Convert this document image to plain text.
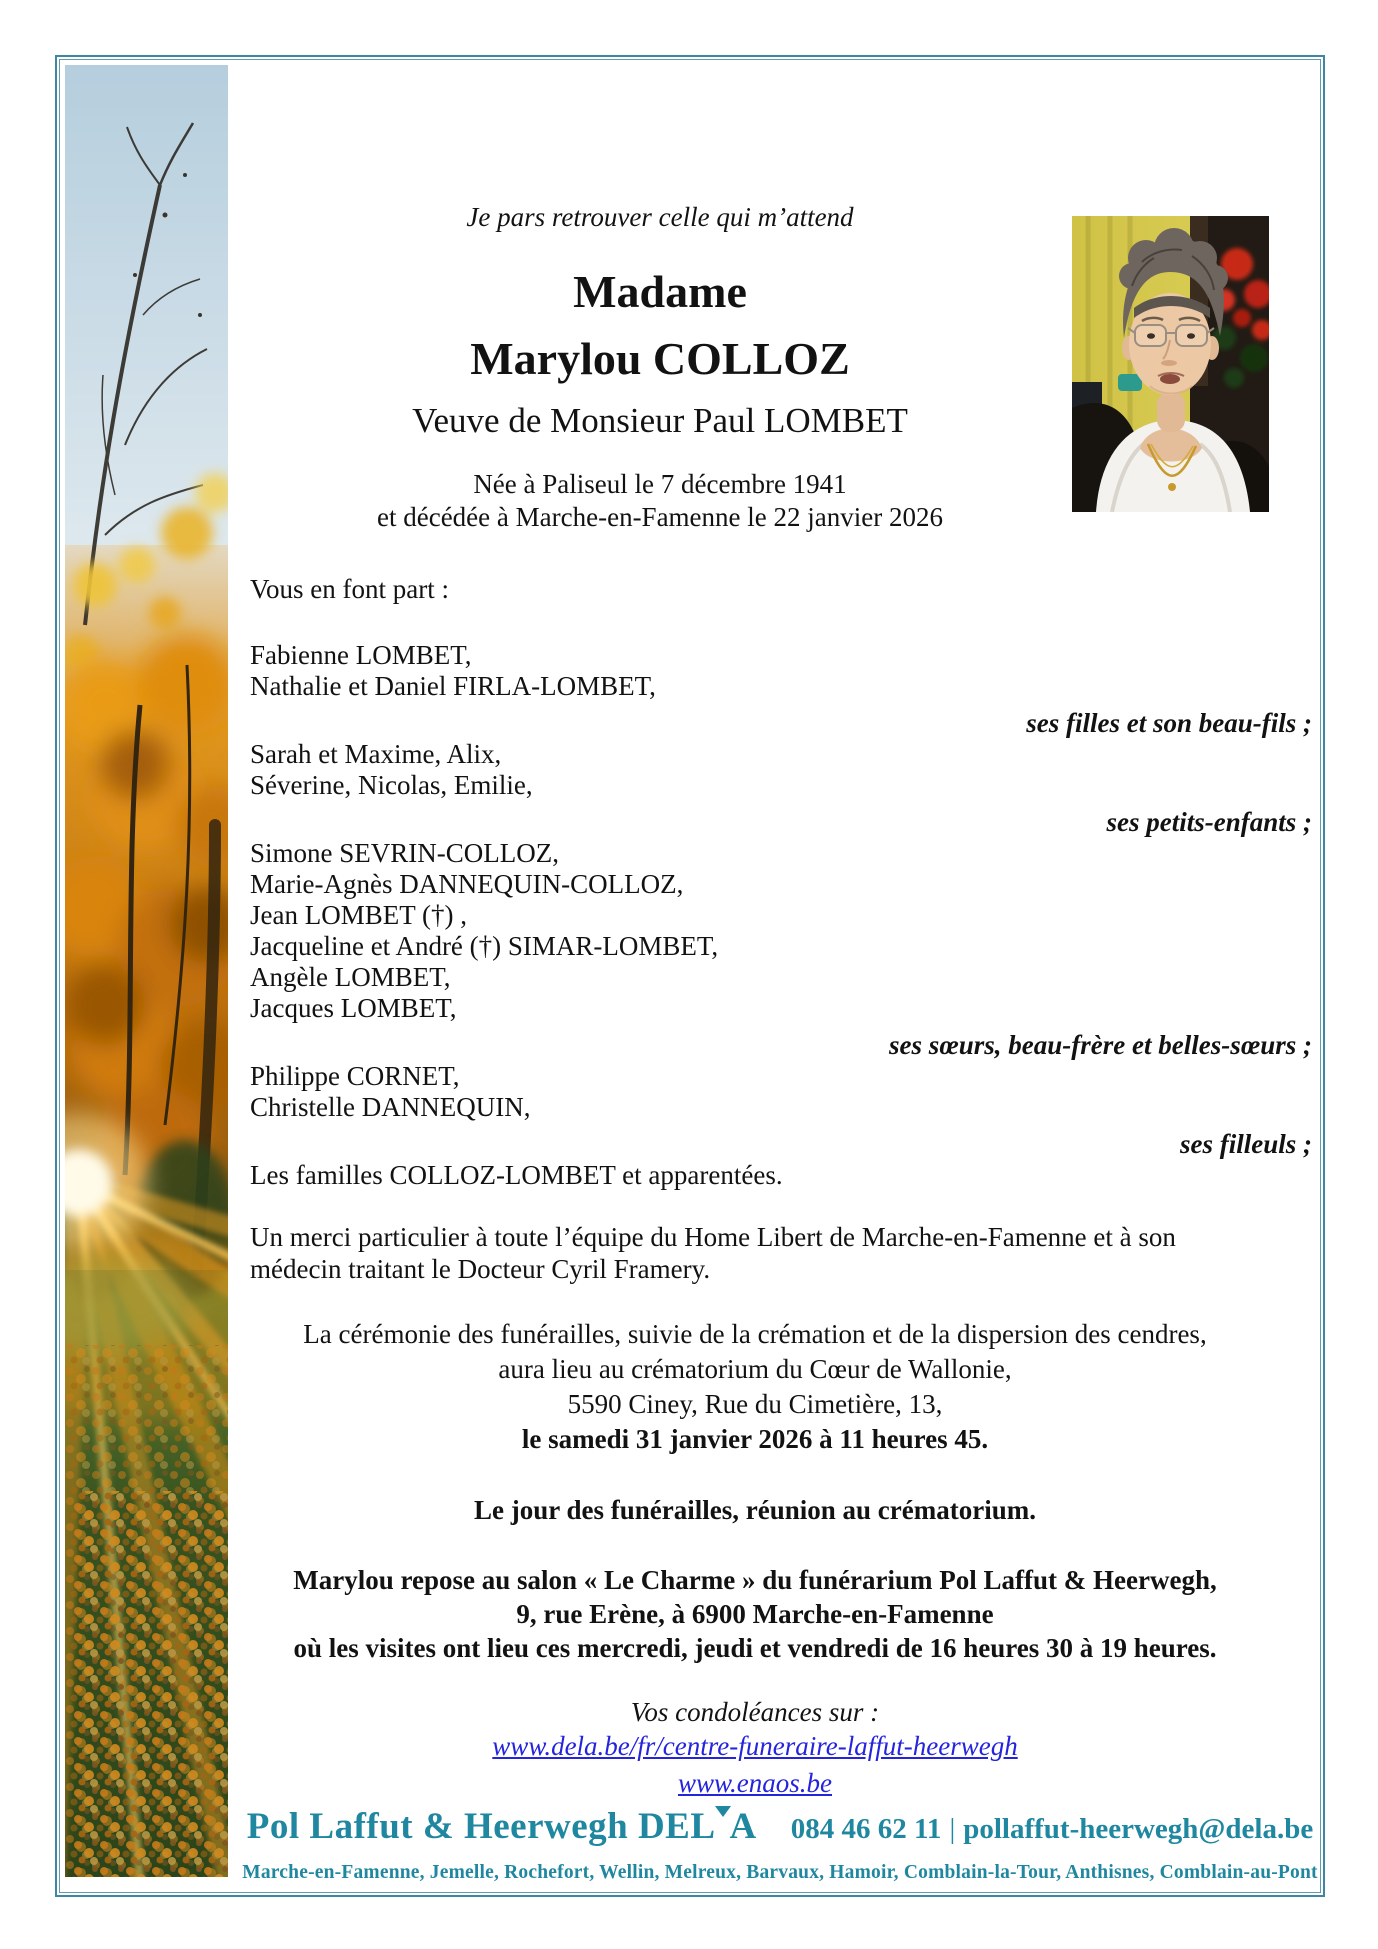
Je pars retrouver celle qui m’attend
Madame
Marylou COLLOZ
Veuve de Monsieur Paul LOMBET
Née à Paliseul le 7 décembre 1941
et décédée à Marche-en-Famenne le 22 janvier 2026
Vous en font part :
Fabienne LOMBET,
Nathalie et Daniel FIRLA-LOMBET,
ses filles et son beau-fils ;
Sarah et Maxime, Alix,
Séverine, Nicolas, Emilie,
ses petits-enfants ;
Simone SEVRIN-COLLOZ,
Marie-Agnès DANNEQUIN-COLLOZ,
Jean LOMBET (†) ,
Jacqueline et André (†) SIMAR-LOMBET,
Angèle LOMBET,
Jacques LOMBET,
ses sœurs, beau-frère et belles-sœurs ;
Philippe CORNET,
Christelle DANNEQUIN,
ses filleuls ;
Les familles COLLOZ-LOMBET et apparentées.
Un merci particulier à toute l’équipe du Home Libert de Marche-en-Famenne et à son
médecin traitant le Docteur Cyril Framery.
La cérémonie des funérailles, suivie de la crémation et de la dispersion des cendres,
aura lieu au crématorium du Cœur de Wallonie,
5590 Ciney, Rue du Cimetière, 13,
le samedi 31 janvier 2026 à 11 heures 45.
Le jour des funérailles, réunion au crématorium.
Marylou repose au salon « Le Charme » du funérarium Pol Laffut & Heerwegh,
9, rue Erène, à 6900 Marche-en-Famenne
où les visites ont lieu ces mercredi, jeudi et vendredi de 16 heures 30 à 19 heures.
Vos condoléances sur :
www.dela.be/fr/centre-funeraire-laffut-heerwegh
www.enaos.be
Pol Laffut & Heerwegh DEL A 084 46 62 11 | pollaffut-heerwegh@dela.be
Marche-en-Famenne, Jemelle, Rochefort, Wellin, Melreux, Barvaux, Hamoir, Comblain-la-Tour, Anthisnes, Comblain-au-Pont
